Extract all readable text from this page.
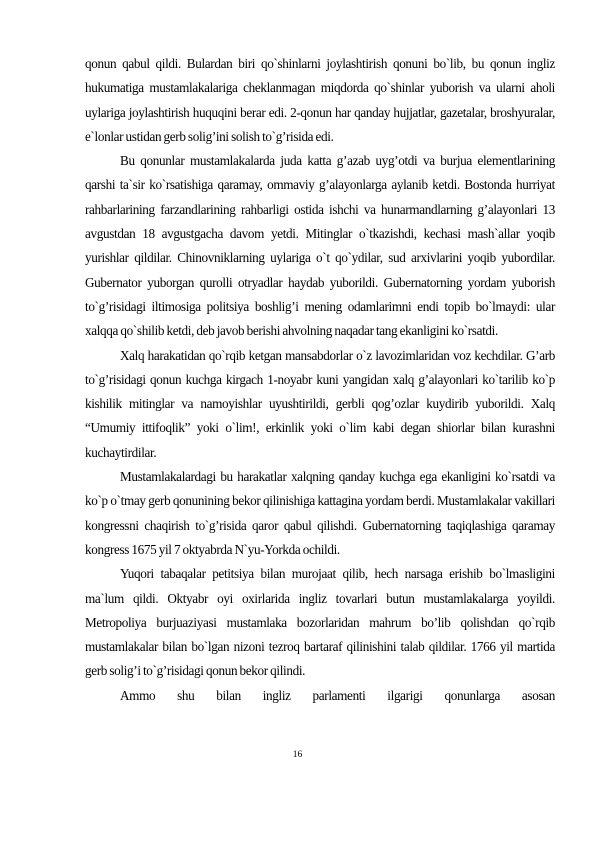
qonun qabul qildi. Bulardan biri qo`shinlarni joylashtirish qonuni bo`lib, bu qonun ingliz hukumatiga mustamlakalariga cheklanmagan miqdorda qo`shinlar yuborish va ularni aholi uylariga joylashtirish huquqini berar edi. 2-qonun har qanday hujjatlar, gazetalar, broshyuralar, e`lonlar ustidan gerb solig’ini solish to`g’risida edi.

Bu qonunlar mustamlakalarda juda katta g’azab uyg’otdi va burjua elementlarining qarshi ta`sir ko`rsatishiga qaramay, ommaviy g’alayonlarga aylanib ketdi. Bostonda hurriyat rahbarlarining farzandlarining rahbarligi ostida ishchi va hunarmandlarning g’alayonlari 13 avgustdan 18 avgustgacha davom yetdi. Mitinglar o`tkazishdi, kechasi mash`allar yoqib yurishlar qildilar. Chinovniklarning uylariga o`t qo`ydilar, sud arxivlarini yoqib yubordilar. Gubernator yuborgan qurolli otryadlar haydab yuborildi. Gubernatorning yordam yuborish to`g’risidagi iltimosiga politsiya boshlig’i mening odamlarimni endi topib bo`lmaydi: ular xalqqa qo`shilib ketdi, deb javob berishi ahvolning naqadar tang ekanligini ko`rsatdi.

Xalq harakatidan qo`rqib ketgan mansabdorlar o`z lavozimlaridan voz kechdilar. G’arb to`g’risidagi qonun kuchga kirgach 1-noyabr kuni yangidan xalq g’alayonlari ko`tarilib ko`p kishilik mitinglar va namoyishlar uyushtirildi, gerbli qog’ozlar kuydirib yuborildi. Xalq “Umumiy ittifoqlik” yoki o`lim!, erkinlik yoki o`lim kabi degan shiorlar bilan kurashni kuchaytirdilar.

Mustamlakalardagi bu harakatlar xalqning qanday kuchga ega ekanligini ko`rsatdi va ko`p o`tmay gerb qonunining bekor qilinishiga kattagina yordam berdi. Mustamlakalar vakillari kongressni chaqirish to`g’risida qaror qabul qilishdi. Gubernatorning taqiqlashiga qaramay kongress 1675 yil 7 oktyabrda N`yu-Yorkda ochildi.

Yuqori tabaqalar petitsiya bilan murojaat qilib, hech narsaga erishib bo`lmasligini ma`lum qildi. Oktyabr oyi oxirlarida ingliz tovarlari butun mustamlakalarga yoyildi. Metropoliya burjuaziyasi mustamlaka bozorlaridan mahrum bo’lib qolishdan qo`rqib mustamlakalar bilan bo`lgan nizoni tezroq bartaraf qilinishini talab qildilar. 1766 yil martida gerb solig’i to`g’risidagi qonun bekor qilindi.

Ammo shu bilan ingliz parlamenti ilgarigi qonunlarga asosan

16
